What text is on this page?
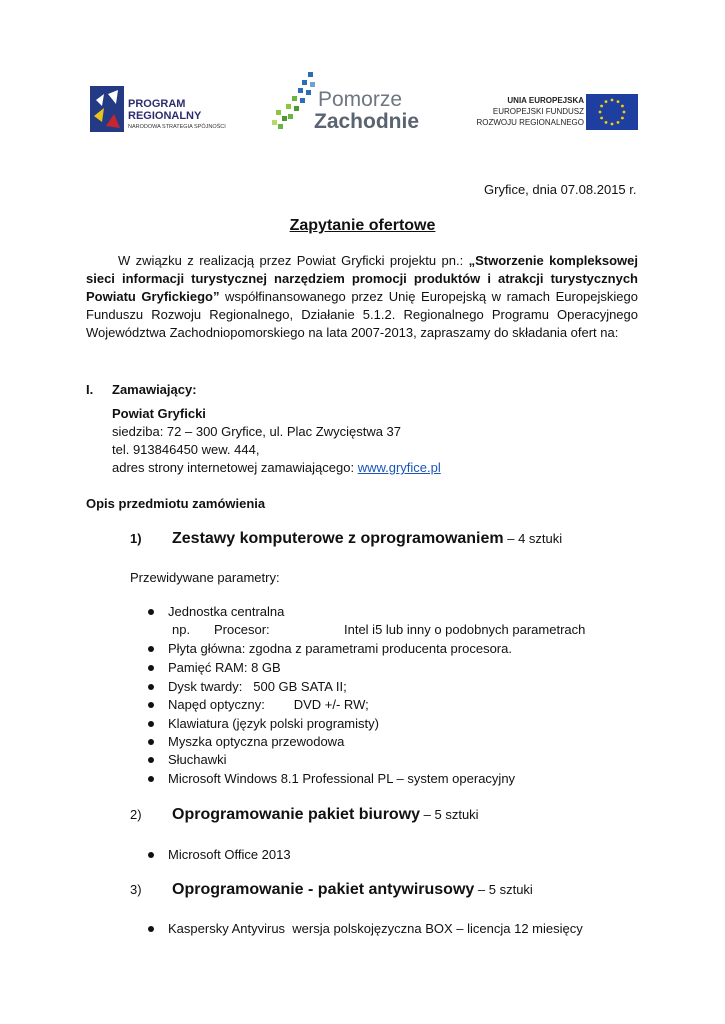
PROGRAM
REGIONALNY
NARODOWA STRATEGIA SPÓJNOŚCI
Pomorze
Zachodnie
UNIA EUROPEJSKA
EUROPEJSKI FUNDUSZ
ROZWOJU REGIONALNEGO
Gryfice, dnia 07.08.2015 r.
Zapytanie ofertowe
W związku z realizacją przez Powiat Gryficki projektu pn.: „Stworzenie kompleksowej sieci informacji turystycznej narzędziem promocji produktów i atrakcji turystycznych Powiatu Gryfickiego” współfinansowanego przez Unię Europejską w ramach Europejskiego Funduszu Rozwoju Regionalnego, Działanie 5.1.2. Regionalnego Programu Operacyjnego Województwa Zachodniopomorskiego na lata 2007-2013, zapraszamy do składania ofert na:
I. Zamawiający:
Powiat Gryficki
siedziba: 72 – 300 Gryfice, ul. Plac Zwycięstwa 37
tel. 913846450 wew. 444,
adres strony internetowej zamawiającego: www.gryfice.pl
Opis przedmiotu zamówienia
1) Zestawy komputerowe z oprogramowaniem – 4 sztuki
Przewidywane parametry:
Jednostka centralna
np. Procesor:	Intel i5 lub inny o podobnych parametrach
Płyta główna: zgodna z parametrami producenta procesora.
Pamięć RAM: 8 GB
Dysk twardy:   500 GB SATA II;
Napęd optyczny:        DVD +/- RW;
Klawiatura (język polski programisty)
Myszka optyczna przewodowa
Słuchawki
Microsoft Windows 8.1 Professional PL – system operacyjny
2) Oprogramowanie pakiet biurowy – 5 sztuki
Microsoft Office 2013
3) Oprogramowanie - pakiet antywirusowy – 5 sztuki
Kaspersky Antyvirus  wersja polskojęzyczna BOX – licencja 12 miesięcy
